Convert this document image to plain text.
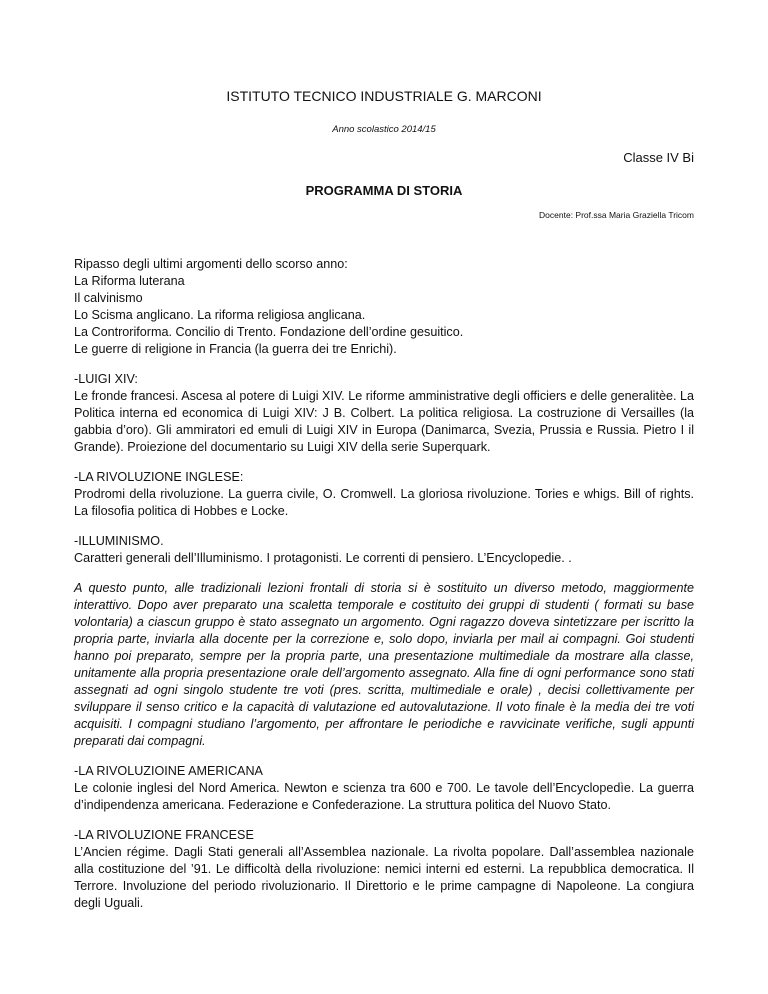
ISTITUTO TECNICO INDUSTRIALE G. MARCONI
Anno scolastico 2014/15
Classe IV Bi
PROGRAMMA DI STORIA
Docente: Prof.ssa Maria Graziella Tricom

Ripasso degli ultimi argomenti dello scorso anno:
La Riforma luterana
Il calvinismo
Lo Scisma anglicano. La riforma religiosa anglicana.
La Controriforma. Concilio di Trento. Fondazione dell’ordine gesuitico.
Le guerre di religione in Francia (la guerra dei tre Enrichi).

-LUIGI XIV:
Le fronde francesi. Ascesa al potere di Luigi XIV. Le riforme amministrative degli officiers e delle generalitèe. La Politica interna ed economica di Luigi XIV: J B. Colbert. La politica religiosa. La costruzione di Versailles (la gabbia d’oro). Gli ammiratori ed emuli di Luigi XIV in Europa (Danimarca, Svezia, Prussia e Russia. Pietro I il Grande). Proiezione del documentario su Luigi XIV della serie Superquark.

-LA RIVOLUZIONE INGLESE:
Prodromi della rivoluzione. La guerra civile, O. Cromwell. La gloriosa rivoluzione. Tories e whigs. Bill of rights. La filosofia politica di Hobbes e Locke.

-ILLUMINISMO.
Caratteri generali dell’Illuminismo. I protagonisti. Le correnti di pensiero. L’Encyclopedie. .

A questo punto, alle tradizionali lezioni frontali di storia si è sostituito un diverso metodo, maggiormente interattivo. Dopo aver preparato una scaletta temporale e costituito dei gruppi di studenti ( formati su base volontaria) a ciascun gruppo è stato assegnato un argomento. Ogni ragazzo doveva sintetizzare per iscritto la propria parte, inviarla alla docente per la correzione e, solo dopo, inviarla per mail ai compagni. Goi studenti hanno poi preparato, sempre per la propria parte, una presentazione multimediale da mostrare alla classe, unitamente alla propria presentazione orale dell’argomento assegnato. Alla fine di ogni performance sono stati assegnati ad ogni singolo studente tre voti (pres. scritta, multimediale e orale) , decisi collettivamente per sviluppare il senso critico e la capacità di valutazione ed autovalutazione. Il voto finale è la media dei tre voti acquisiti. I compagni studiano l’argomento, per affrontare le periodiche e ravvicinate verifiche, sugli appunti preparati dai compagni.

-LA RIVOLUZIOINE AMERICANA
Le colonie inglesi del Nord America. Newton e scienza tra 600 e 700. Le tavole dell’Encyclopedìe. La guerra d’indipendenza americana. Federazione e Confederazione. La struttura politica del Nuovo Stato.

-LA RIVOLUZIONE FRANCESE
L’Ancien régime. Dagli Stati generali all’Assemblea nazionale. La rivolta popolare. Dall’assemblea nazionale alla costituzione del ’91. Le difficoltà della rivoluzione: nemici interni ed esterni. La repubblica democratica. Il Terrore. Involuzione del periodo rivoluzionario. Il Direttorio e le prime campagne di Napoleone. La congiura degli Uguali.
